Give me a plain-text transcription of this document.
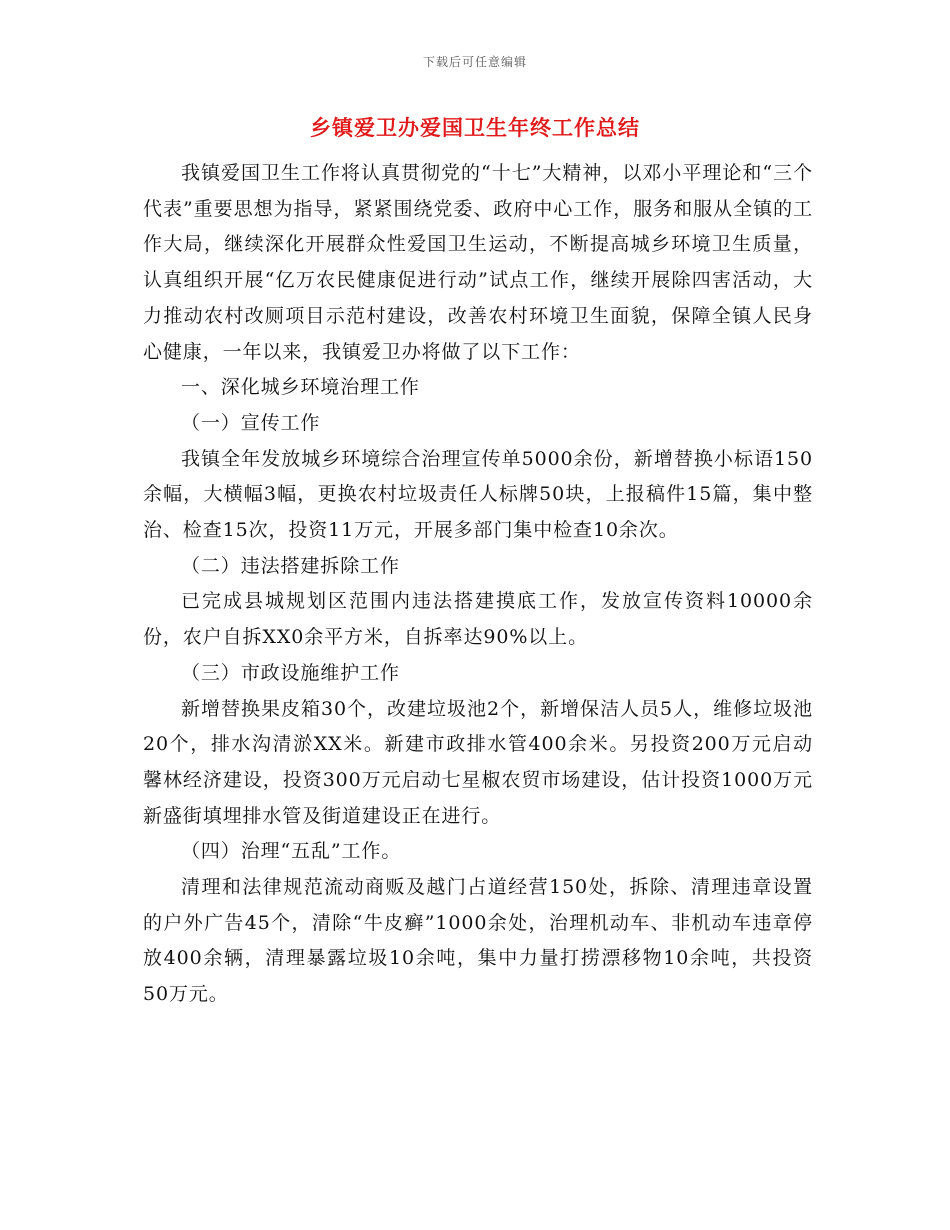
下载后可任意编辑
乡镇爱卫办爱国卫生年终工作总结

我镇爱国卫生工作将认真贯彻党的“十七”大精神，以邓小平理论和“三个代表”重要思想为指导，紧紧围绕党委、政府中心工作，服务和服从全镇的工作大局，继续深化开展群众性爱国卫生运动，不断提高城乡环境卫生质量，认真组织开展“亿万农民健康促进行动”试点工作，继续开展除四害活动，大力推动农村改厕项目示范村建设，改善农村环境卫生面貌，保障全镇人民身心健康，一年以来，我镇爱卫办将做了以下工作：

一、深化城乡环境治理工作

（一）宣传工作

我镇全年发放城乡环境综合治理宣传单5000余份，新增替换小标语150余幅，大横幅3幅，更换农村垃圾责任人标牌50块，上报稿件15篇，集中整治、检查15次，投资11万元，开展多部门集中检查10余次。

（二）违法搭建拆除工作

已完成县城规划区范围内违法搭建摸底工作，发放宣传资料10000余份，农户自拆XX0余平方米，自拆率达90%以上。

（三）市政设施维护工作

新增替换果皮箱30个，改建垃圾池2个，新增保洁人员5人，维修垃圾池20个，排水沟清淤XX米。新建市政排水管400余米。另投资200万元启动馨林经济建设，投资300万元启动七星椒农贸市场建设，估计投资1000万元新盛街填埋排水管及街道建设正在进行。

（四）治理“五乱”工作。

清理和法律规范流动商贩及越门占道经营150处，拆除、清理违章设置的户外广告45个，清除“牛皮癣”1000余处，治理机动车、非机动车违章停放400余辆，清理暴露垃圾10余吨，集中力量打捞漂移物10余吨，共投资50万元。
